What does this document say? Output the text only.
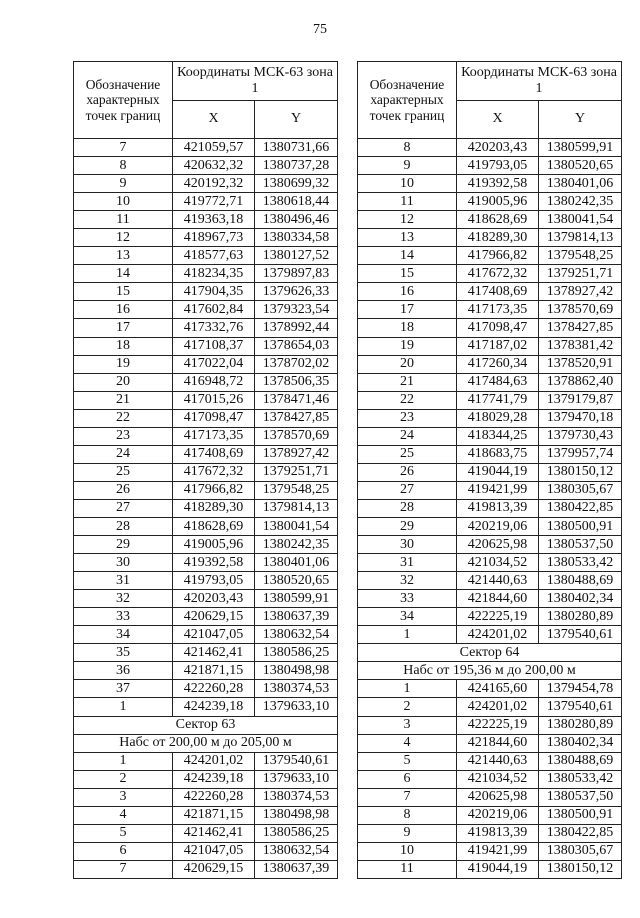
75
Обозначение характерных точек границ	Координаты МСК-63 зона 1	
	X	Y
7	421059,57	1380731,66
8	420632,32	1380737,28
9	420192,32	1380699,32
10	419772,71	1380618,44
11	419363,18	1380496,46
12	418967,73	1380334,58
13	418577,63	1380127,52
14	418234,35	1379897,83
15	417904,35	1379626,33
16	417602,84	1379323,54
17	417332,76	1378992,44
18	417108,37	1378654,03
19	417022,04	1378702,02
20	416948,72	1378506,35
21	417015,26	1378471,46
22	417098,47	1378427,85
23	417173,35	1378570,69
24	417408,69	1378927,42
25	417672,32	1379251,71
26	417966,82	1379548,25
27	418289,30	1379814,13
28	418628,69	1380041,54
29	419005,96	1380242,35
30	419392,58	1380401,06
31	419793,05	1380520,65
32	420203,43	1380599,91
33	420629,15	1380637,39
34	421047,05	1380632,54
35	421462,41	1380586,25
36	421871,15	1380498,98
37	422260,28	1380374,53
1	424239,18	1379633,10
Сектор 63		
Набс от 200,00 м до 205,00 м		
1	424201,02	1379540,61
2	424239,18	1379633,10
3	422260,28	1380374,53
4	421871,15	1380498,98
5	421462,41	1380586,25
6	421047,05	1380632,54
7	420629,15	1380637,39
Обозначение характерных точек границ	Координаты МСК-63 зона 1	
	X	Y
8	420203,43	1380599,91
9	419793,05	1380520,65
10	419392,58	1380401,06
11	419005,96	1380242,35
12	418628,69	1380041,54
13	418289,30	1379814,13
14	417966,82	1379548,25
15	417672,32	1379251,71
16	417408,69	1378927,42
17	417173,35	1378570,69
18	417098,47	1378427,85
19	417187,02	1378381,42
20	417260,34	1378520,91
21	417484,63	1378862,40
22	417741,79	1379179,87
23	418029,28	1379470,18
24	418344,25	1379730,43
25	418683,75	1379957,74
26	419044,19	1380150,12
27	419421,99	1380305,67
28	419813,39	1380422,85
29	420219,06	1380500,91
30	420625,98	1380537,50
31	421034,52	1380533,42
32	421440,63	1380488,69
33	421844,60	1380402,34
34	422225,19	1380280,89
1	424201,02	1379540,61
Сектор 64		
Набс от 195,36 м до 200,00 м		
1	424165,60	1379454,78
2	424201,02	1379540,61
3	422225,19	1380280,89
4	421844,60	1380402,34
5	421440,63	1380488,69
6	421034,52	1380533,42
7	420625,98	1380537,50
8	420219,06	1380500,91
9	419813,39	1380422,85
10	419421,99	1380305,67
11	419044,19	1380150,12
